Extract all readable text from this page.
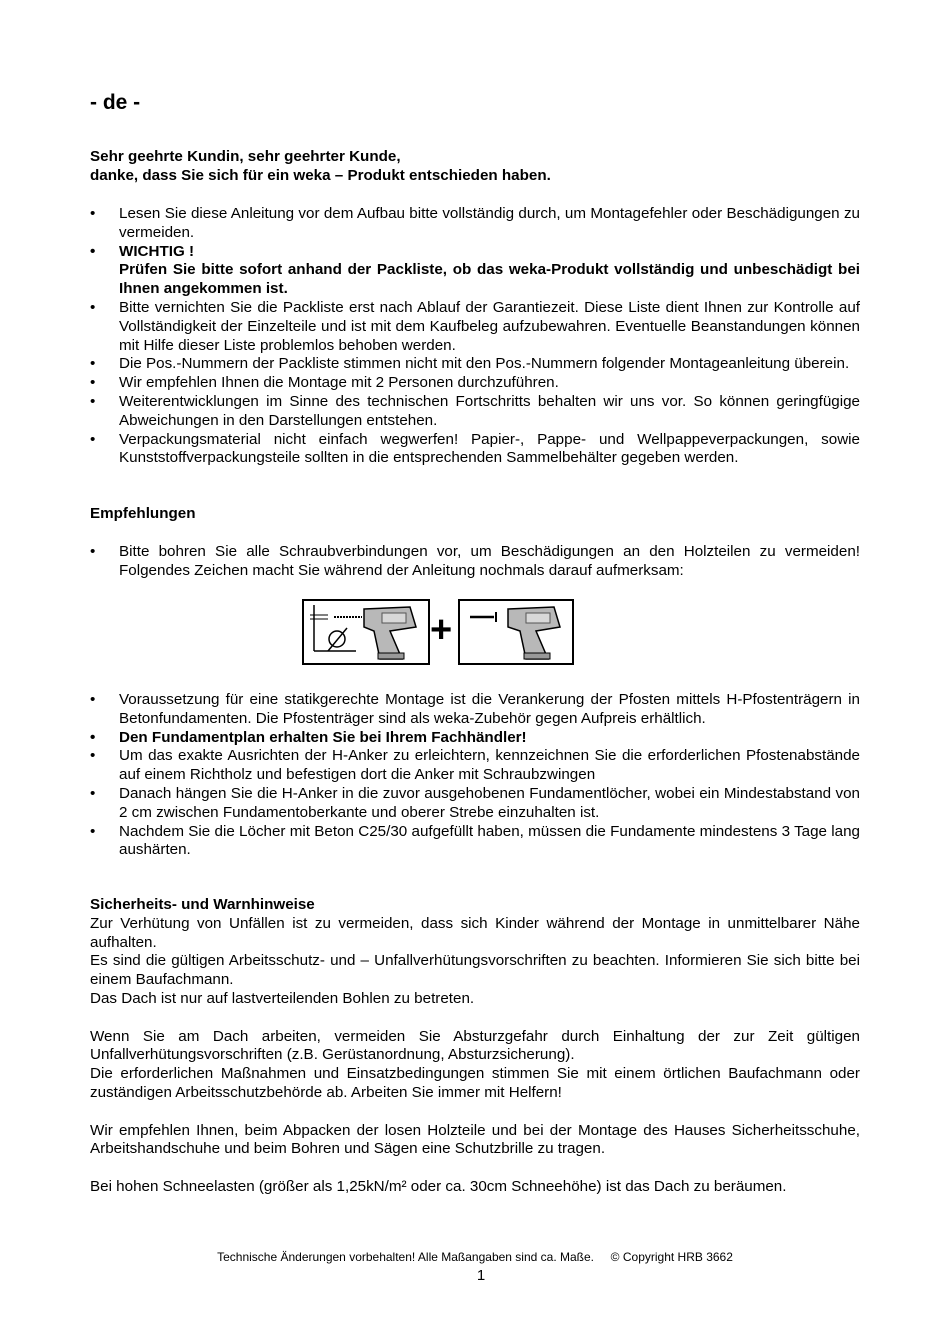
- de -
Sehr geehrte Kundin, sehr geehrter Kunde,
danke, dass Sie sich für ein weka – Produkt entschieden haben.
• Lesen Sie diese Anleitung vor dem Aufbau bitte vollständig durch, um Montagefehler oder Beschädigungen zu vermeiden.
• WICHTIG !
Prüfen Sie bitte sofort anhand der Packliste, ob das weka-Produkt vollständig und unbeschädigt bei Ihnen angekommen ist.
• Bitte vernichten Sie die Packliste erst nach Ablauf der Garantiezeit. Diese Liste dient Ihnen zur Kontrolle auf Vollständigkeit der Einzelteile und ist mit dem Kaufbeleg aufzubewahren. Eventuelle Beanstandungen können mit Hilfe dieser Liste problemlos behoben werden.
• Die Pos.-Nummern der Packliste stimmen nicht mit den Pos.-Nummern folgender Montageanleitung überein.
• Wir empfehlen Ihnen die Montage mit 2 Personen durchzuführen.
• Weiterentwicklungen im Sinne des technischen Fortschritts behalten wir uns vor. So können geringfügige Abweichungen in den Darstellungen entstehen.
• Verpackungsmaterial nicht einfach wegwerfen! Papier-, Pappe- und Wellpappeverpackungen, sowie Kunststoffverpackungsteile sollten in die entsprechenden Sammelbehälter gegeben werden.
Empfehlungen
• Bitte bohren Sie alle Schraubverbindungen vor, um Beschädigungen an den Holzteilen zu vermeiden! Folgendes Zeichen macht Sie während der Anleitung nochmals darauf aufmerksam:
+
• Voraussetzung für eine statikgerechte Montage ist die Verankerung der Pfosten mittels H-Pfostenträgern in Betonfundamenten. Die Pfostenträger sind als weka-Zubehör gegen Aufpreis erhältlich.
• Den Fundamentplan erhalten Sie bei Ihrem Fachhändler!
• Um das exakte Ausrichten der H-Anker zu erleichtern, kennzeichnen Sie die erforderlichen Pfostenabstände auf einem Richtholz und befestigen dort die Anker mit Schraubzwingen
• Danach hängen Sie die H-Anker in die zuvor ausgehobenen Fundamentlöcher, wobei ein Mindestabstand von 2 cm zwischen Fundamentoberkante und oberer Strebe einzuhalten ist.
• Nachdem Sie die Löcher mit Beton C25/30 aufgefüllt haben, müssen die Fundamente mindestens 3 Tage lang aushärten.

Sicherheits- und Warnhinweise

Zur Verhütung von Unfällen ist zu vermeiden, dass sich Kinder während der Montage in unmittelbarer Nähe aufhalten.

Es sind die gültigen Arbeitsschutz- und – Unfallverhütungsvorschriften zu beachten. Informieren Sie sich bitte bei einem Baufachmann.

Das Dach ist nur auf lastverteilenden Bohlen zu betreten.

Wenn Sie am Dach arbeiten, vermeiden Sie Absturzgefahr durch Einhaltung der zur Zeit gültigen Unfallverhütungsvorschriften (z.B. Gerüstanordnung, Absturzsicherung).

Die erforderlichen Maßnahmen und Einsatzbedingungen stimmen Sie mit einem örtlichen Baufachmann oder zuständigen Arbeitsschutzbehörde ab. Arbeiten Sie immer mit Helfern!

Wir empfehlen Ihnen, beim Abpacken der losen Holzteile und bei der Montage des Hauses Sicherheitsschuhe, Arbeitshandschuhe und beim Bohren und Sägen eine Schutzbrille zu tragen.

Bei hohen Schneelasten (größer als 1,25kN/m² oder ca. 30cm Schneehöhe) ist das Dach zu beräumen.

Technische Änderungen vorbehalten! Alle Maßangaben sind ca. Maße. © Copyright HRB 3662
1
